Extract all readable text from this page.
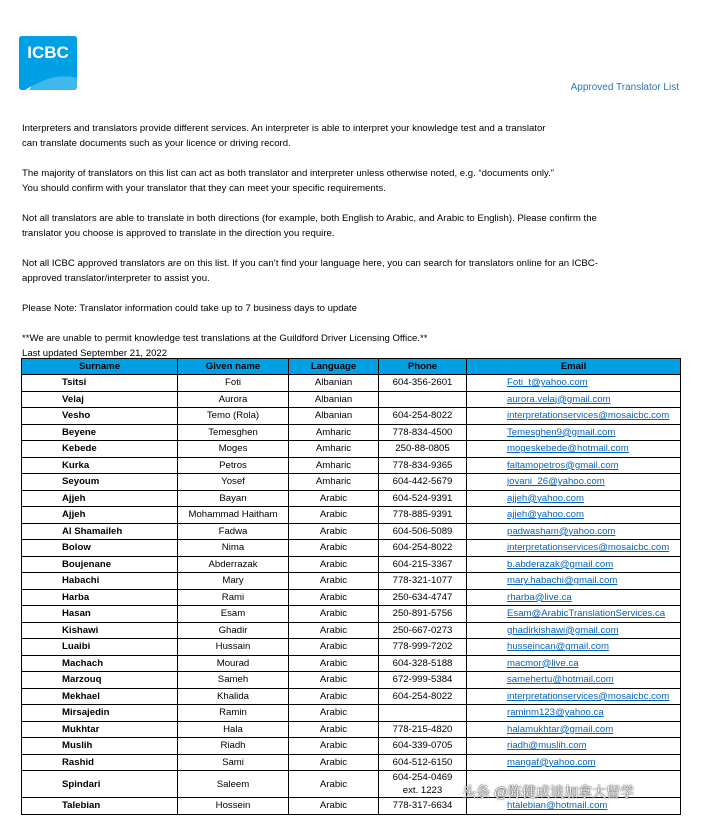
ICBC
Approved Translator List

Interpreters and translators provide different services. An interpreter is able to interpret your knowledge test and a translator
can translate documents such as your licence or driving record.

The majority of translators on this list can act as both translator and interpreter unless otherwise noted, e.g. “documents only.”
You should confirm with your translator that they can meet your specific requirements.

Not all translators are able to translate in both directions (for example, both English to Arabic, and Arabic to English). Please confirm the
translator you choose is approved to translate in the direction you require.

Not all ICBC approved translators are on this list. If you can’t find your language here, you can search for translators online for an ICBC-
approved translator/interpreter to assist you.

Please Note: Translator information could take up to 7 business days to update

**We are unable to permit knowledge test translations at the Guildford Driver Licensing Office.**

Last updated September 21, 2022

Surname	Given name	Language	Phone	Email
Tsitsi	Foti	Albanian	604-356-2601	Foti_t@yahoo.com
Velaj	Aurora	Albanian		aurora.velaj@gmail.com
Vesho	Temo (Rola)	Albanian	604-254-8022	interpretationservices@mosaicbc.com
Beyene	Temesghen	Amharic	778-834-4500	Temesghen9@gmail.com
Kebede	Moges	Amharic	250-88-0805	mogeskebede@hotmail.com
Kurka	Petros	Amharic	778-834-9365	faltamopetros@gmail.com
Seyoum	Yosef	Amharic	604-442-5679	jovani_26@yahoo.com
Ajjeh	Bayan	Arabic	604-524-9391	ajjeh@yahoo.com
Ajjeh	Mohammad Haitham	Arabic	778-885-9391	ajjeh@yahoo.com
Al Shamaileh	Fadwa	Arabic	604-506-5089	padwasham@yahoo.com
Bolow	Nima	Arabic	604-254-8022	interpretationservices@mosaicbc.com
Boujenane	Abderrazak	Arabic	604-215-3367	b.abderazak@gmail.com
Habachi	Mary	Arabic	778-321-1077	mary.habachi@gmail.com
Harba	Rami	Arabic	250-634-4747	rharba@live.ca
Hasan	Esam	Arabic	250-891-5756	Esam@ArabicTranslationServices.ca
Kishawi	Ghadir	Arabic	250-667-0273	ghadirkishawi@gmail.com
Luaibi	Hussain	Arabic	778-999-7202	husseincan@gmail.com
Machach	Mourad	Arabic	604-328-5188	macmor@live.ca
Marzouq	Sameh	Arabic	672-999-5384	samehertu@hotmail.com
Mekhael	Khalida	Arabic	604-254-8022	interpretationservices@mosaicbc.com
Mirsajedin	Ramin	Arabic		raminm123@yahoo.ca
Mukhtar	Hala	Arabic	778-215-4820	halamukhtar@gmail.com
Muslih	Riadh	Arabic	604-339-0705	riadh@muslih.com
Rashid	Sami	Arabic	604-512-6150	mangaf@yahoo.com
Spindari	Saleem	Arabic	604-254-0469
ext. 1223	
Talebian	Hossein	Arabic	778-317-6634	htalebian@hotmail.com
头条 @陈健成谈加拿大留学
